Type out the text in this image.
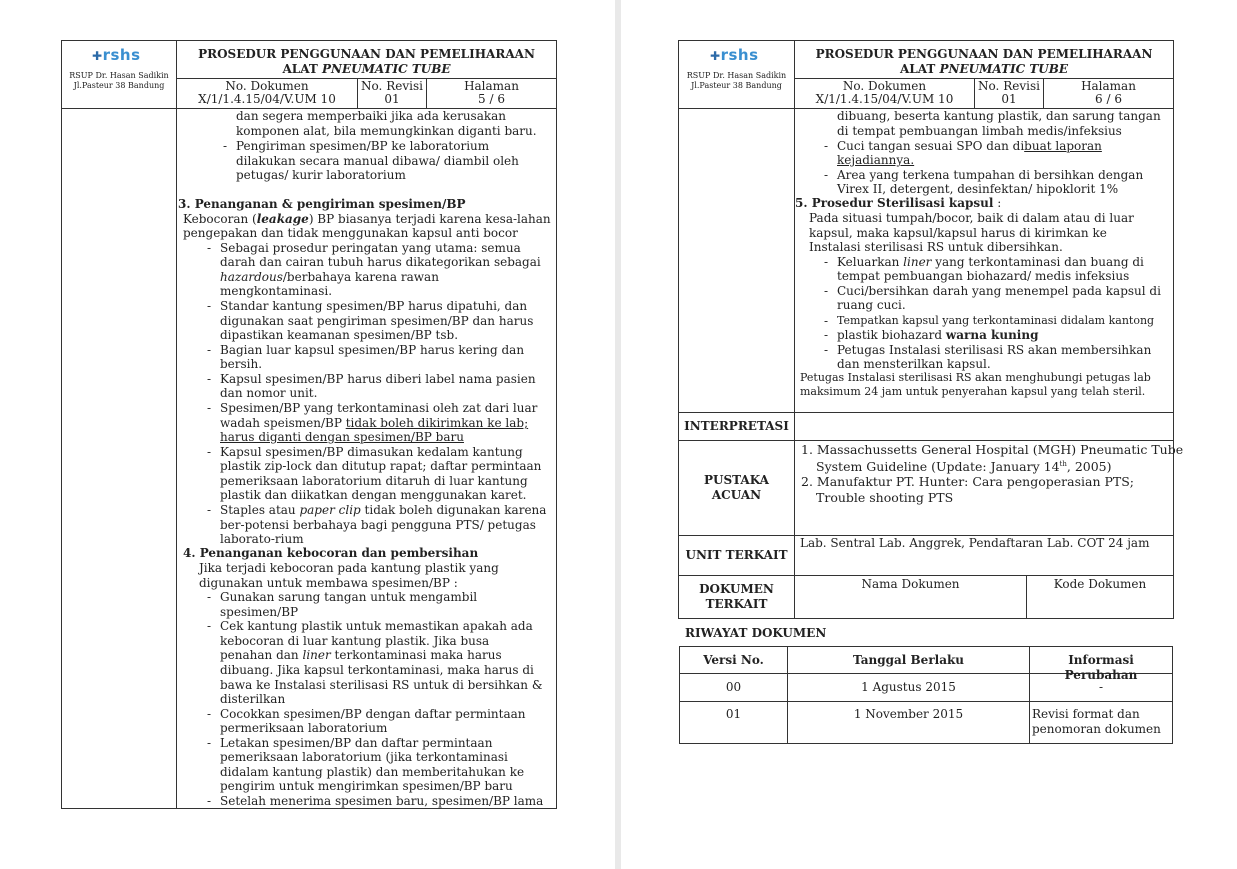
✚rshs
RSUP Dr. Hasan Sadikin
Jl.Pasteur 38 Bandung
PROSEDUR PENGGUNAAN DAN PEMELIHARAAN
ALAT PNEUMATIC TUBE
No. Dokumen
X/1/1.4.15/04/V.UM 10
No. Revisi
01
Halaman
5 / 6
dan segera memperbaiki jika ada kerusakan
komponen alat, bila memungkinkan diganti baru.
- Pengiriman spesimen/BP ke laboratorium
dilakukan secara manual dibawa/ diambil oleh
petugas/ kurir laboratorium
3. Penanganan & pengiriman spesimen/BP
Kebocoran (leakage) BP biasanya terjadi karena kesa-lahan
pengepakan dan tidak menggunakan kapsul anti bocor
- Sebagai prosedur peringatan yang utama: semua
darah dan cairan tubuh harus dikategorikan sebagai
hazardous/berbahaya karena rawan
mengkontaminasi.
- Standar kantung spesimen/BP harus dipatuhi, dan
digunakan saat pengiriman spesimen/BP dan harus
dipastikan keamanan spesimen/BP tsb.
- Bagian luar kapsul spesimen/BP harus kering dan
bersih.
- Kapsul spesimen/BP harus diberi label nama pasien
dan nomor unit.
- Spesimen/BP yang terkontaminasi oleh zat dari luar
wadah speismen/BP tidak boleh dikirimkan ke lab;
harus diganti dengan spesimen/BP baru
- Kapsul spesimen/BP dimasukan kedalam kantung
plastik zip-lock dan ditutup rapat; daftar permintaan
pemeriksaan laboratorium ditaruh di luar kantung
plastik dan diikatkan dengan menggunakan karet.
- Staples atau paper clip tidak boleh digunakan karena
ber-potensi berbahaya bagi pengguna PTS/ petugas
laborato-rium
4. Penanganan kebocoran dan pembersihan
Jika terjadi kebocoran pada kantung plastik yang
digunakan untuk membawa spesimen/BP :
- Gunakan sarung tangan untuk mengambil
spesimen/BP
- Cek kantung plastik untuk memastikan apakah ada
kebocoran di luar kantung plastik. Jika busa
penahan dan liner terkontaminasi maka harus
dibuang. Jika kapsul terkontaminasi, maka harus di
bawa ke Instalasi sterilisasi RS untuk di bersihkan &
disterilkan
- Cocokkan spesimen/BP dengan daftar permintaan
permeriksaan laboratorium
- Letakan spesimen/BP dan daftar permintaan
pemeriksaan laboratorium (jika terkontaminasi
didalam kantung plastik) dan memberitahukan ke
pengirim untuk mengirimkan spesimen/BP baru
- Setelah menerima spesimen baru, spesimen/BP lama
✚rshs
RSUP Dr. Hasan Sadikin
Jl.Pasteur 38 Bandung
PROSEDUR PENGGUNAAN DAN PEMELIHARAAN
ALAT PNEUMATIC TUBE
No. Dokumen
X/1/1.4.15/04/V.UM 10
No. Revisi
01
Halaman
6 / 6
dibuang, beserta kantung plastik, dan sarung tangan
di tempat pembuangan limbah medis/infeksius
- Cuci tangan sesuai SPO dan dibuat laporan
kejadiannya.
- Area yang terkena tumpahan di bersihkan dengan
Virex II, detergent, desinfektan/ hipoklorit 1%
5. Prosedur Sterilisasi kapsul :
Pada situasi tumpah/bocor, baik di dalam atau di luar
kapsul, maka kapsul/kapsul harus di kirimkan ke
Instalasi sterilisasi RS untuk dibersihkan.
- Keluarkan liner yang terkontaminasi dan buang di
tempat pembuangan biohazard/ medis infeksius
- Cuci/bersihkan darah yang menempel pada kapsul di
ruang cuci.
- Tempatkan kapsul yang terkontaminasi didalam kantong
- plastik biohazard warna kuning
- Petugas Instalasi sterilisasi RS akan membersihkan
dan mensterilkan kapsul.
Petugas Instalasi sterilisasi RS akan menghubungi petugas lab
maksimum 24 jam untuk penyerahan kapsul yang telah steril.
INTERPRETASI
PUSTAKA
ACUAN
1. Massachussetts General Hospital (MGH) Pneumatic Tube
System Guideline (Update: January 14th, 2005)
2. Manufaktur PT. Hunter: Cara pengoperasian PTS;
Trouble shooting PTS
UNIT TERKAIT
Lab. Sentral Lab. Anggrek, Pendaftaran Lab. COT 24 jam
DOKUMEN
TERKAIT
Nama Dokumen	Kode Dokumen
RIWAYAT DOKUMEN
Versi No.	Tanggal Berlaku	Informasi Perubahan
00	1 Agustus 2015	-
01	1 November 2015	Revisi format dan
penomoran dokumen
